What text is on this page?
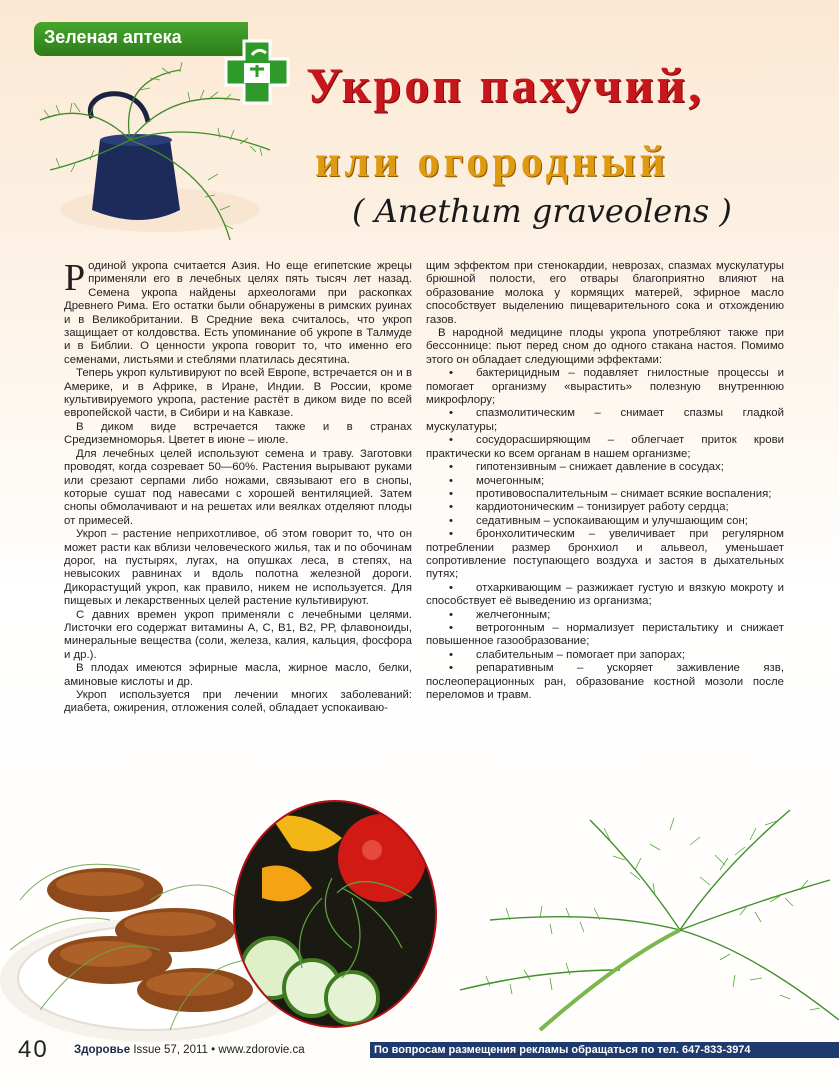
Зеленая аптека
Укроп пахучий,
или огородный
( Anethum graveolens )

Родиной укропа считается Азия. Но еще египетские жрецы применяли его в лечебных целях пять тысяч лет назад. Семена укропа найдены археологами при раскопках Древнего Рима. Его остатки были обнаружены в римских руинах и в Великобритании. В Средние века считалось, что укроп защищает от колдовства. Есть упоминание об укропе в Талмуде и в Библии. О ценности укропа говорит то, что именно его семенами, листьями и стеблями платилась десятина.

Теперь укроп культивируют по всей Европе, встречается он и в Америке, и в Африке, в Иране, Индии. В России, кроме культивируемого укропа, растение растёт в диком виде по всей европейской части, в Сибири и на Кавказе.

В диком виде встречается также и в странах Средиземноморья. Цветет в июне – июле.

Для лечебных целей используют семена и траву. Заготовки проводят, когда созревает 50—60%. Растения вырывают руками или срезают серпами либо ножами, связывают его в снопы, которые сушат под навесами с хорошей вентиляцией. Затем снопы обмолачивают и на решетах или веялках отделяют плоды от примесей.

Укроп – растение неприхотливое, об этом говорит то, что он может расти как вблизи человеческого жилья, так и по обочинам дорог, на пустырях, лугах, на опушках леса, в степях, на невысоких равнинах и вдоль полотна железной дороги. Дикорастущий укроп, как правило, никем не используется. Для пищевых и лекарственных целей растение культивируют.

С давних времен укроп применяли с лечебными целями. Листочки его содержат витамины А, С, В1, В2, РР, флавоноиды, минеральные вещества (соли, железа, калия, кальция, фосфора и др.).

В плодах имеются эфирные масла, жирное масло, белки, аминовые кислоты и др.

Укроп используется при лечении многих заболеваний: диабета, ожирения, отложения солей, обладает успокаиваю-

щим эффектом при стенокардии, неврозах, спазмах мускулатуры брюшной полости, его отвары благоприятно влияют на образование молока у кормящих матерей, эфирное масло способствует выделению пищеварительного сока и отхождению газов.

В народной медицине плоды укропа употребляют также при бессоннице: пьют перед сном до одного стакана настоя. Помимо этого он обладает следующими эффектами:

• бактерицидным – подавляет гнилостные процессы и помогает организму «вырастить» полезную внутреннюю микрофлору;
• спазмолитическим – снимает спазмы гладкой мускулатуры;
• сосудорасширяющим – облегчает приток крови практически ко всем органам в нашем организме;
• гипотензивным – снижает давление в сосудах;
• мочегонным;
• противовоспалительным – снимает всякие воспаления;
• кардиотоническим – тонизирует работу сердца;
• седативным – успокаивающим и улучшающим сон;
• бронхолитическим – увеличивает при регулярном потреблении размер бронхиол и альвеол, уменьшает сопротивление поступающего воздуха и застоя в дыхательных путях;
• отхаркивающим – разжижает густую и вязкую мокроту и способствует её выведению из организма;
• желчегонным;
• ветрогонным – нормализует перистальтику и снижает повышенное газообразование;
• слабительным – помогает при запорах;
• репаративным – ускоряет заживление язв, послеоперационных ран, образование костной мозоли после переломов и травм.
40 Здоровье Issue 57, 2011 • www.zdorovie.ca	По вопросам размещения рекламы обращаться по тел. 647-833-3974
